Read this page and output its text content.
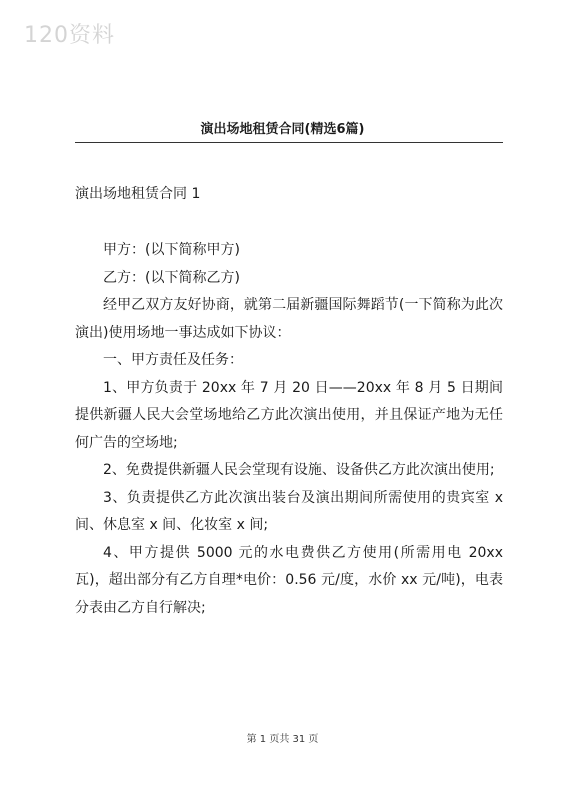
120资料
演出场地租赁合同(精选6篇)
演出场地租赁合同 1

甲方：(以下简称甲方)

乙方：(以下简称乙方)

经甲乙双方友好协商，就第二届新疆国际舞蹈节(一下简称为此次演出)使用场地一事达成如下协议：

一、甲方责任及任务：

1、甲方负责于 20xx 年 7 月 20 日——20xx 年 8 月 5 日期间提供新疆人民大会堂场地给乙方此次演出使用，并且保证产地为无任何广告的空场地;

2、免费提供新疆人民会堂现有设施、设备供乙方此次演出使用;

3、负责提供乙方此次演出装台及演出期间所需使用的贵宾室 x 间、休息室 x 间、化妆室 x 间;

4、甲方提供 5000 元的水电费供乙方使用(所需用电 20xx 瓦)，超出部分有乙方自理*电价：0.56 元/度，水价 xx 元/吨)，电表分表由乙方自行解决;

第 1 页共 31 页
